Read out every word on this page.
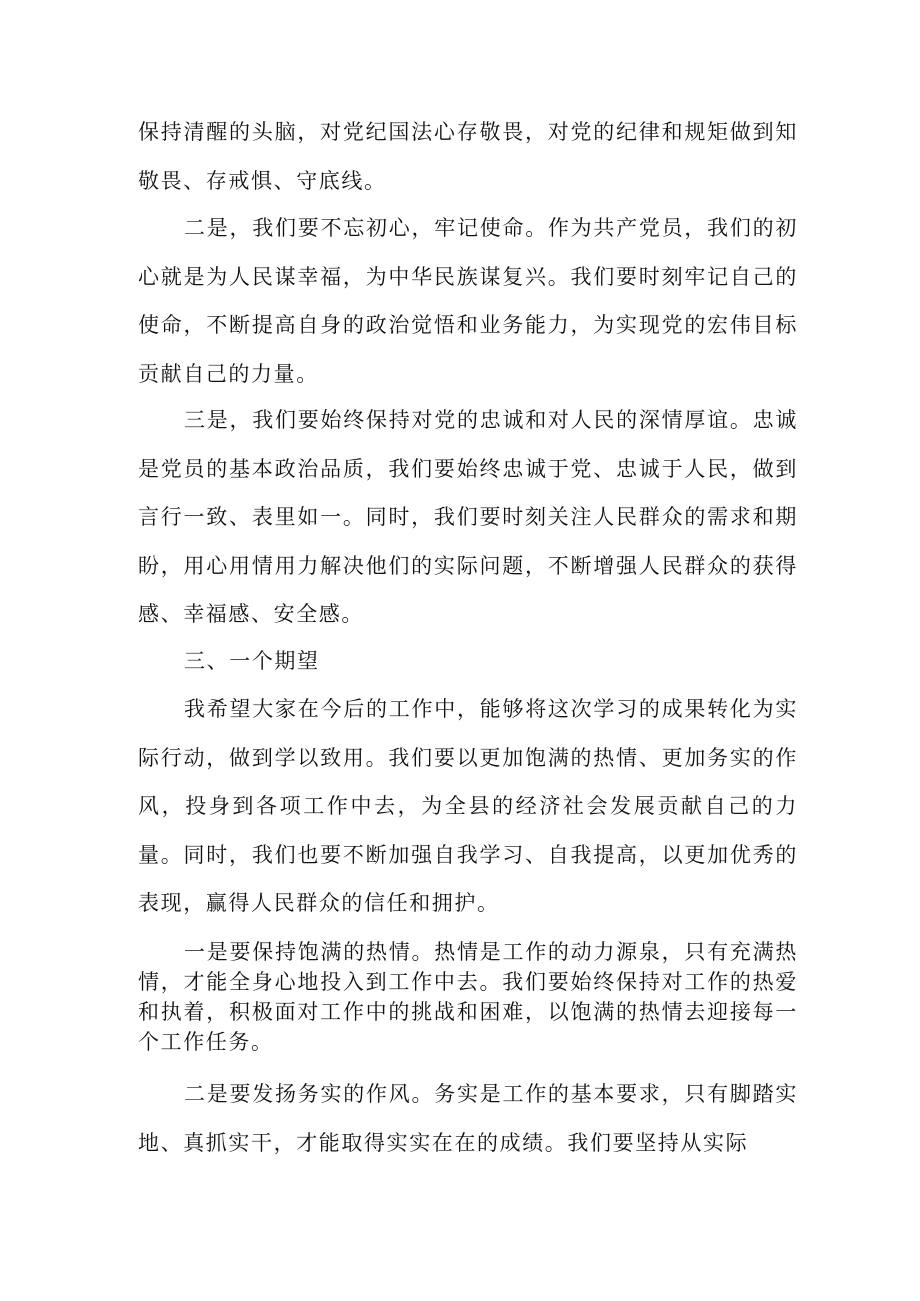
保持清醒的头脑，对党纪国法心存敬畏，对党的纪律和规矩做到知敬畏、存戒惧、守底线。

二是，我们要不忘初心，牢记使命。作为共产党员，我们的初心就是为人民谋幸福，为中华民族谋复兴。我们要时刻牢记自己的使命，不断提高自身的政治觉悟和业务能力，为实现党的宏伟目标贡献自己的力量。

三是，我们要始终保持对党的忠诚和对人民的深情厚谊。忠诚是党员的基本政治品质，我们要始终忠诚于党、忠诚于人民，做到言行一致、表里如一。同时，我们要时刻关注人民群众的需求和期盼，用心用情用力解决他们的实际问题，不断增强人民群众的获得感、幸福感、安全感。

三、一个期望

我希望大家在今后的工作中，能够将这次学习的成果转化为实际行动，做到学以致用。我们要以更加饱满的热情、更加务实的作风，投身到各项工作中去，为全县的经济社会发展贡献自己的力量。同时，我们也要不断加强自我学习、自我提高，以更加优秀的表现，赢得人民群众的信任和拥护。

一是要保持饱满的热情。热情是工作的动力源泉，只有充满热情，才能全身心地投入到工作中去。我们要始终保持对工作的热爱和执着，积极面对工作中的挑战和困难，以饱满的热情去迎接每一个工作任务。

二是要发扬务实的作风。务实是工作的基本要求，只有脚踏实地、真抓实干，才能取得实实在在的成绩。我们要坚持从实际
